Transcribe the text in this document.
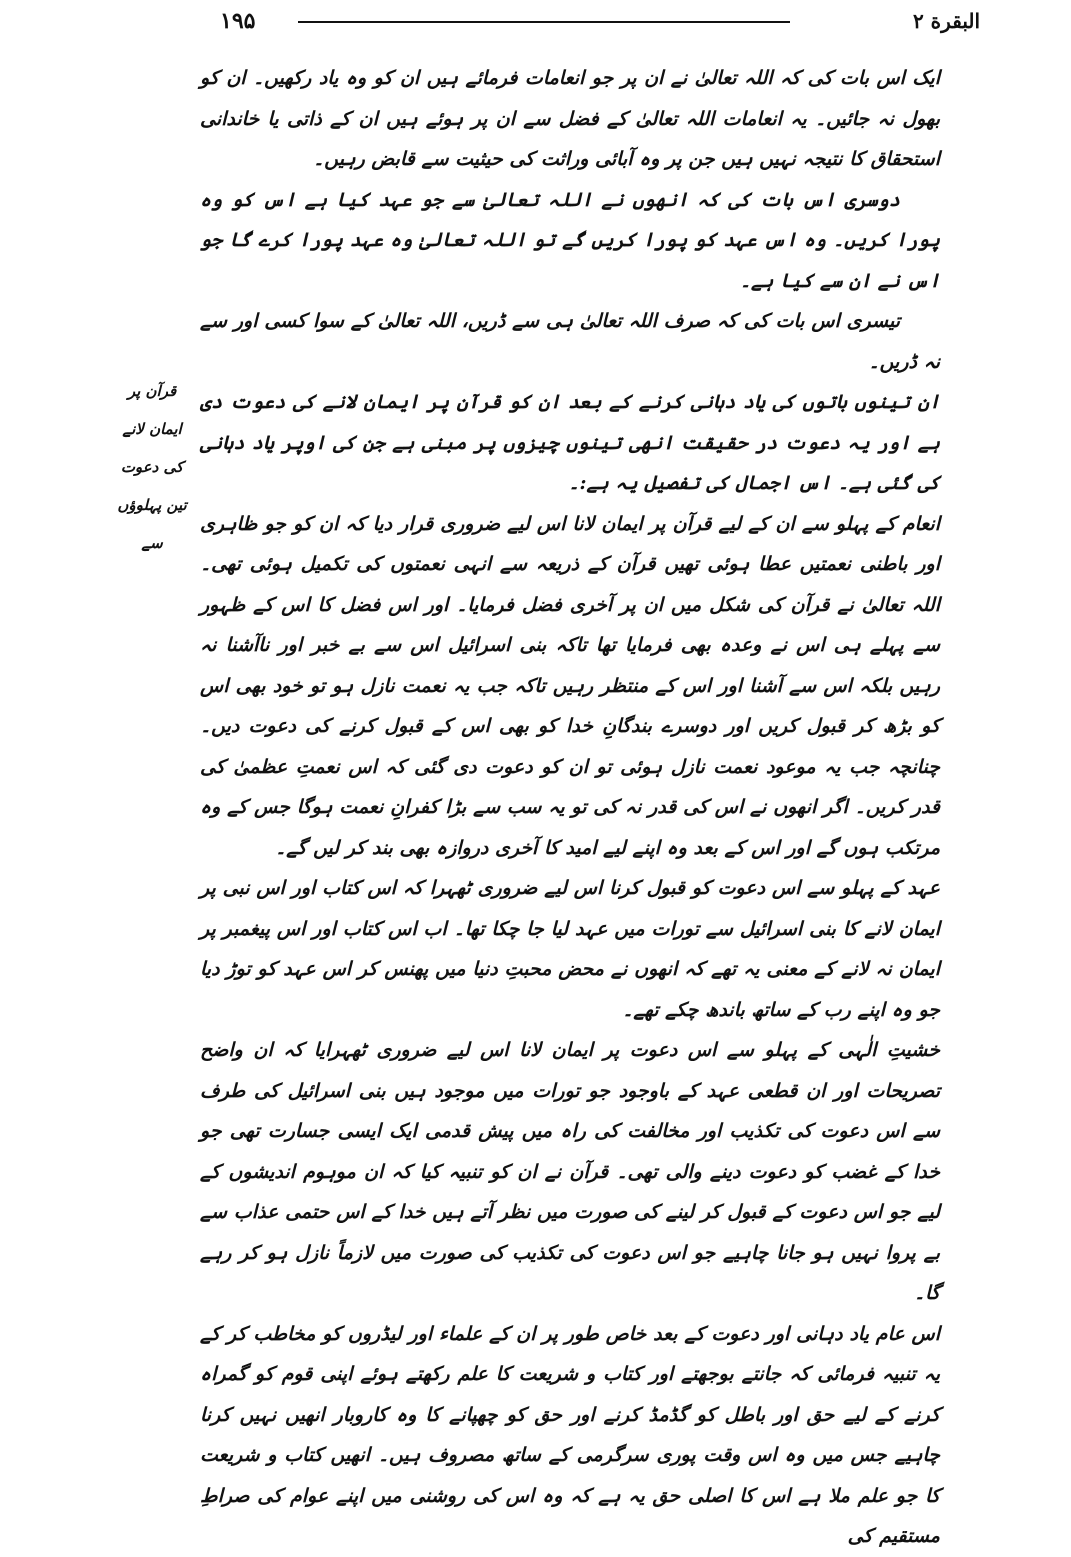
۱۹۵	البقرة ۲
قرآن پر ایمان لانے کی دعوت تین پہلوؤں سے

ایک اس بات کی کہ اللہ تعالیٰ نے ان پر جو انعامات فرمائے ہیں ان کو وہ یاد رکھیں۔ ان کو بھول نہ جائیں۔ یہ انعامات اللہ تعالیٰ کے فضل سے ان پر ہوئے ہیں ان کے ذاتی یا خاندانی استحقاق کا نتیجہ نہیں ہیں جن پر وہ آبائی وراثت کی حیثیت سے قابض رہیں۔

دوسری اس بات کی کہ انھوں نے اللہ تعالیٰ سے جو عہد کیا ہے اس کو وہ پورا کریں۔ وہ اس عہد کو پورا کریں گے تو اللہ تعالیٰ وہ عہد پورا کرے گا جو اس نے ان سے کیا ہے۔

تیسری اس بات کی کہ صرف اللہ تعالیٰ ہی سے ڈریں، اللہ تعالیٰ کے سوا کسی اور سے نہ ڈریں۔

ان تینوں باتوں کی یاد دہانی کرنے کے بعد ان کو قرآن پر ایمان لانے کی دعوت دی ہے اور یہ دعوت در حقیقت انھی تینوں چیزوں پر مبنی ہے جن کی اوپر یاد دہانی کی گئی ہے۔ اس اجمال کی تفصیل یہ ہے:۔

انعام کے پہلو سے ان کے لیے قرآن پر ایمان لانا اس لیے ضروری قرار دیا کہ ان کو جو ظاہری اور باطنی نعمتیں عطا ہوئی تھیں قرآن کے ذریعہ سے انہی نعمتوں کی تکمیل ہوئی تھی۔ اللہ تعالیٰ نے قرآن کی شکل میں ان پر آخری فضل فرمایا۔ اور اس فضل کا اس کے ظہور سے پہلے ہی اس نے وعدہ بھی فرمایا تھا تاکہ بنی اسرائیل اس سے بے خبر اور ناآشنا نہ رہیں بلکہ اس سے آشنا اور اس کے منتظر رہیں تاکہ جب یہ نعمت نازل ہو تو خود بھی اس کو بڑھ کر قبول کریں اور دوسرے بندگانِ خدا کو بھی اس کے قبول کرنے کی دعوت دیں۔ چنانچہ جب یہ موعود نعمت نازل ہوئی تو ان کو دعوت دی گئی کہ اس نعمتِ عظمیٰ کی قدر کریں۔ اگر انھوں نے اس کی قدر نہ کی تو یہ سب سے بڑا کفرانِ نعمت ہوگا جس کے وہ مرتکب ہوں گے اور اس کے بعد وہ اپنے لیے امید کا آخری دروازہ بھی بند کر لیں گے۔

عہد کے پہلو سے اس دعوت کو قبول کرنا اس لیے ضروری ٹھہرا کہ اس کتاب اور اس نبی پر ایمان لانے کا بنی اسرائیل سے تورات میں عہد لیا جا چکا تھا۔ اب اس کتاب اور اس پیغمبر پر ایمان نہ لانے کے معنی یہ تھے کہ انھوں نے محض محبتِ دنیا میں پھنس کر اس عہد کو توڑ دیا جو وہ اپنے رب کے ساتھ باندھ چکے تھے۔

خشیتِ الٰہی کے پہلو سے اس دعوت پر ایمان لانا اس لیے ضروری ٹھہرایا کہ ان واضح تصریحات اور ان قطعی عہد کے باوجود جو تورات میں موجود ہیں بنی اسرائیل کی طرف سے اس دعوت کی تکذیب اور مخالفت کی راہ میں پیش قدمی ایک ایسی جسارت تھی جو خدا کے غضب کو دعوت دینے والی تھی۔ قرآن نے ان کو تنبیہ کیا کہ ان موہوم اندیشوں کے لیے جو اس دعوت کے قبول کر لینے کی صورت میں نظر آتے ہیں خدا کے اس حتمی عذاب سے بے پروا نہیں ہو جانا چاہیے جو اس دعوت کی تکذیب کی صورت میں لازماً نازل ہو کر رہے گا۔

اس عام یاد دہانی اور دعوت کے بعد خاص طور پر ان کے علماء اور لیڈروں کو مخاطب کر کے یہ تنبیہ فرمائی کہ جانتے بوجھتے اور کتاب و شریعت کا علم رکھتے ہوئے اپنی قوم کو گمراہ کرنے کے لیے حق اور باطل کو گڈمڈ کرنے اور حق کو چھپانے کا وہ کاروبار انھیں نہیں کرنا چاہیے جس میں وہ اس وقت پوری سرگرمی کے ساتھ مصروف ہیں۔ انھیں کتاب و شریعت کا جو علم ملا ہے اس کا اصلی حق یہ ہے کہ وہ اس کی روشنی میں اپنے عوام کی صراطِ مستقیم کی
